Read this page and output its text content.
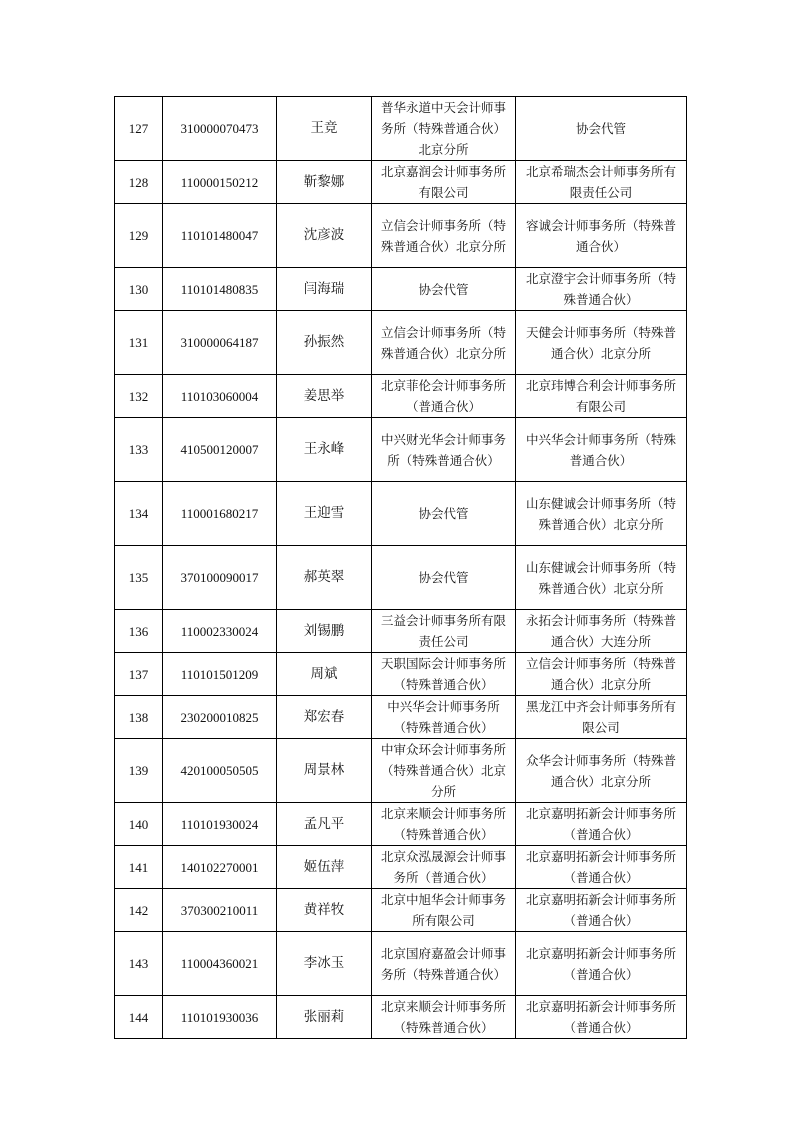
127	310000070473	王竞	普华永道中天会计师事务所（特殊普通合伙）北京分所	协会代管
128	110000150212	靳黎娜	北京嘉润会计师事务所有限公司	北京希瑞杰会计师事务所有限责任公司
129	110101480047	沈彦波	立信会计师事务所（特殊普通合伙）北京分所	容诚会计师事务所（特殊普通合伙）
130	110101480835	闫海瑞	协会代管	北京澄宇会计师事务所（特殊普通合伙）
131	310000064187	孙振然	立信会计师事务所（特殊普通合伙）北京分所	天健会计师事务所（特殊普通合伙）北京分所
132	110103060004	姜思举	北京菲伦会计师事务所（普通合伙）	北京玮博合利会计师事务所有限公司
133	410500120007	王永峰	中兴财光华会计师事务所（特殊普通合伙）	中兴华会计师事务所（特殊普通合伙）
134	110001680217	王迎雪	协会代管	山东健诚会计师事务所（特殊普通合伙）北京分所
135	370100090017	郝英翠	协会代管	山东健诚会计师事务所（特殊普通合伙）北京分所
136	110002330024	刘锡鹏	三益会计师事务所有限责任公司	永拓会计师事务所（特殊普通合伙）大连分所
137	110101501209	周斌	天职国际会计师事务所（特殊普通合伙）	立信会计师事务所（特殊普通合伙）北京分所
138	230200010825	郑宏春	中兴华会计师事务所（特殊普通合伙）	黑龙江中齐会计师事务所有限公司
139	420100050505	周景林	中审众环会计师事务所（特殊普通合伙）北京分所	众华会计师事务所（特殊普通合伙）北京分所
140	110101930024	孟凡平	北京来顺会计师事务所（特殊普通合伙）	北京嘉明拓新会计师事务所（普通合伙）
141	140102270001	姬伍萍	北京众泓晟源会计师事务所（普通合伙）	北京嘉明拓新会计师事务所（普通合伙）
142	370300210011	黄祥牧	北京中旭华会计师事务所有限公司	北京嘉明拓新会计师事务所（普通合伙）
143	110004360021	李冰玉	北京国府嘉盈会计师事务所（特殊普通合伙）	北京嘉明拓新会计师事务所（普通合伙）
144	110101930036	张丽莉	北京来顺会计师事务所（特殊普通合伙）	北京嘉明拓新会计师事务所（普通合伙）
